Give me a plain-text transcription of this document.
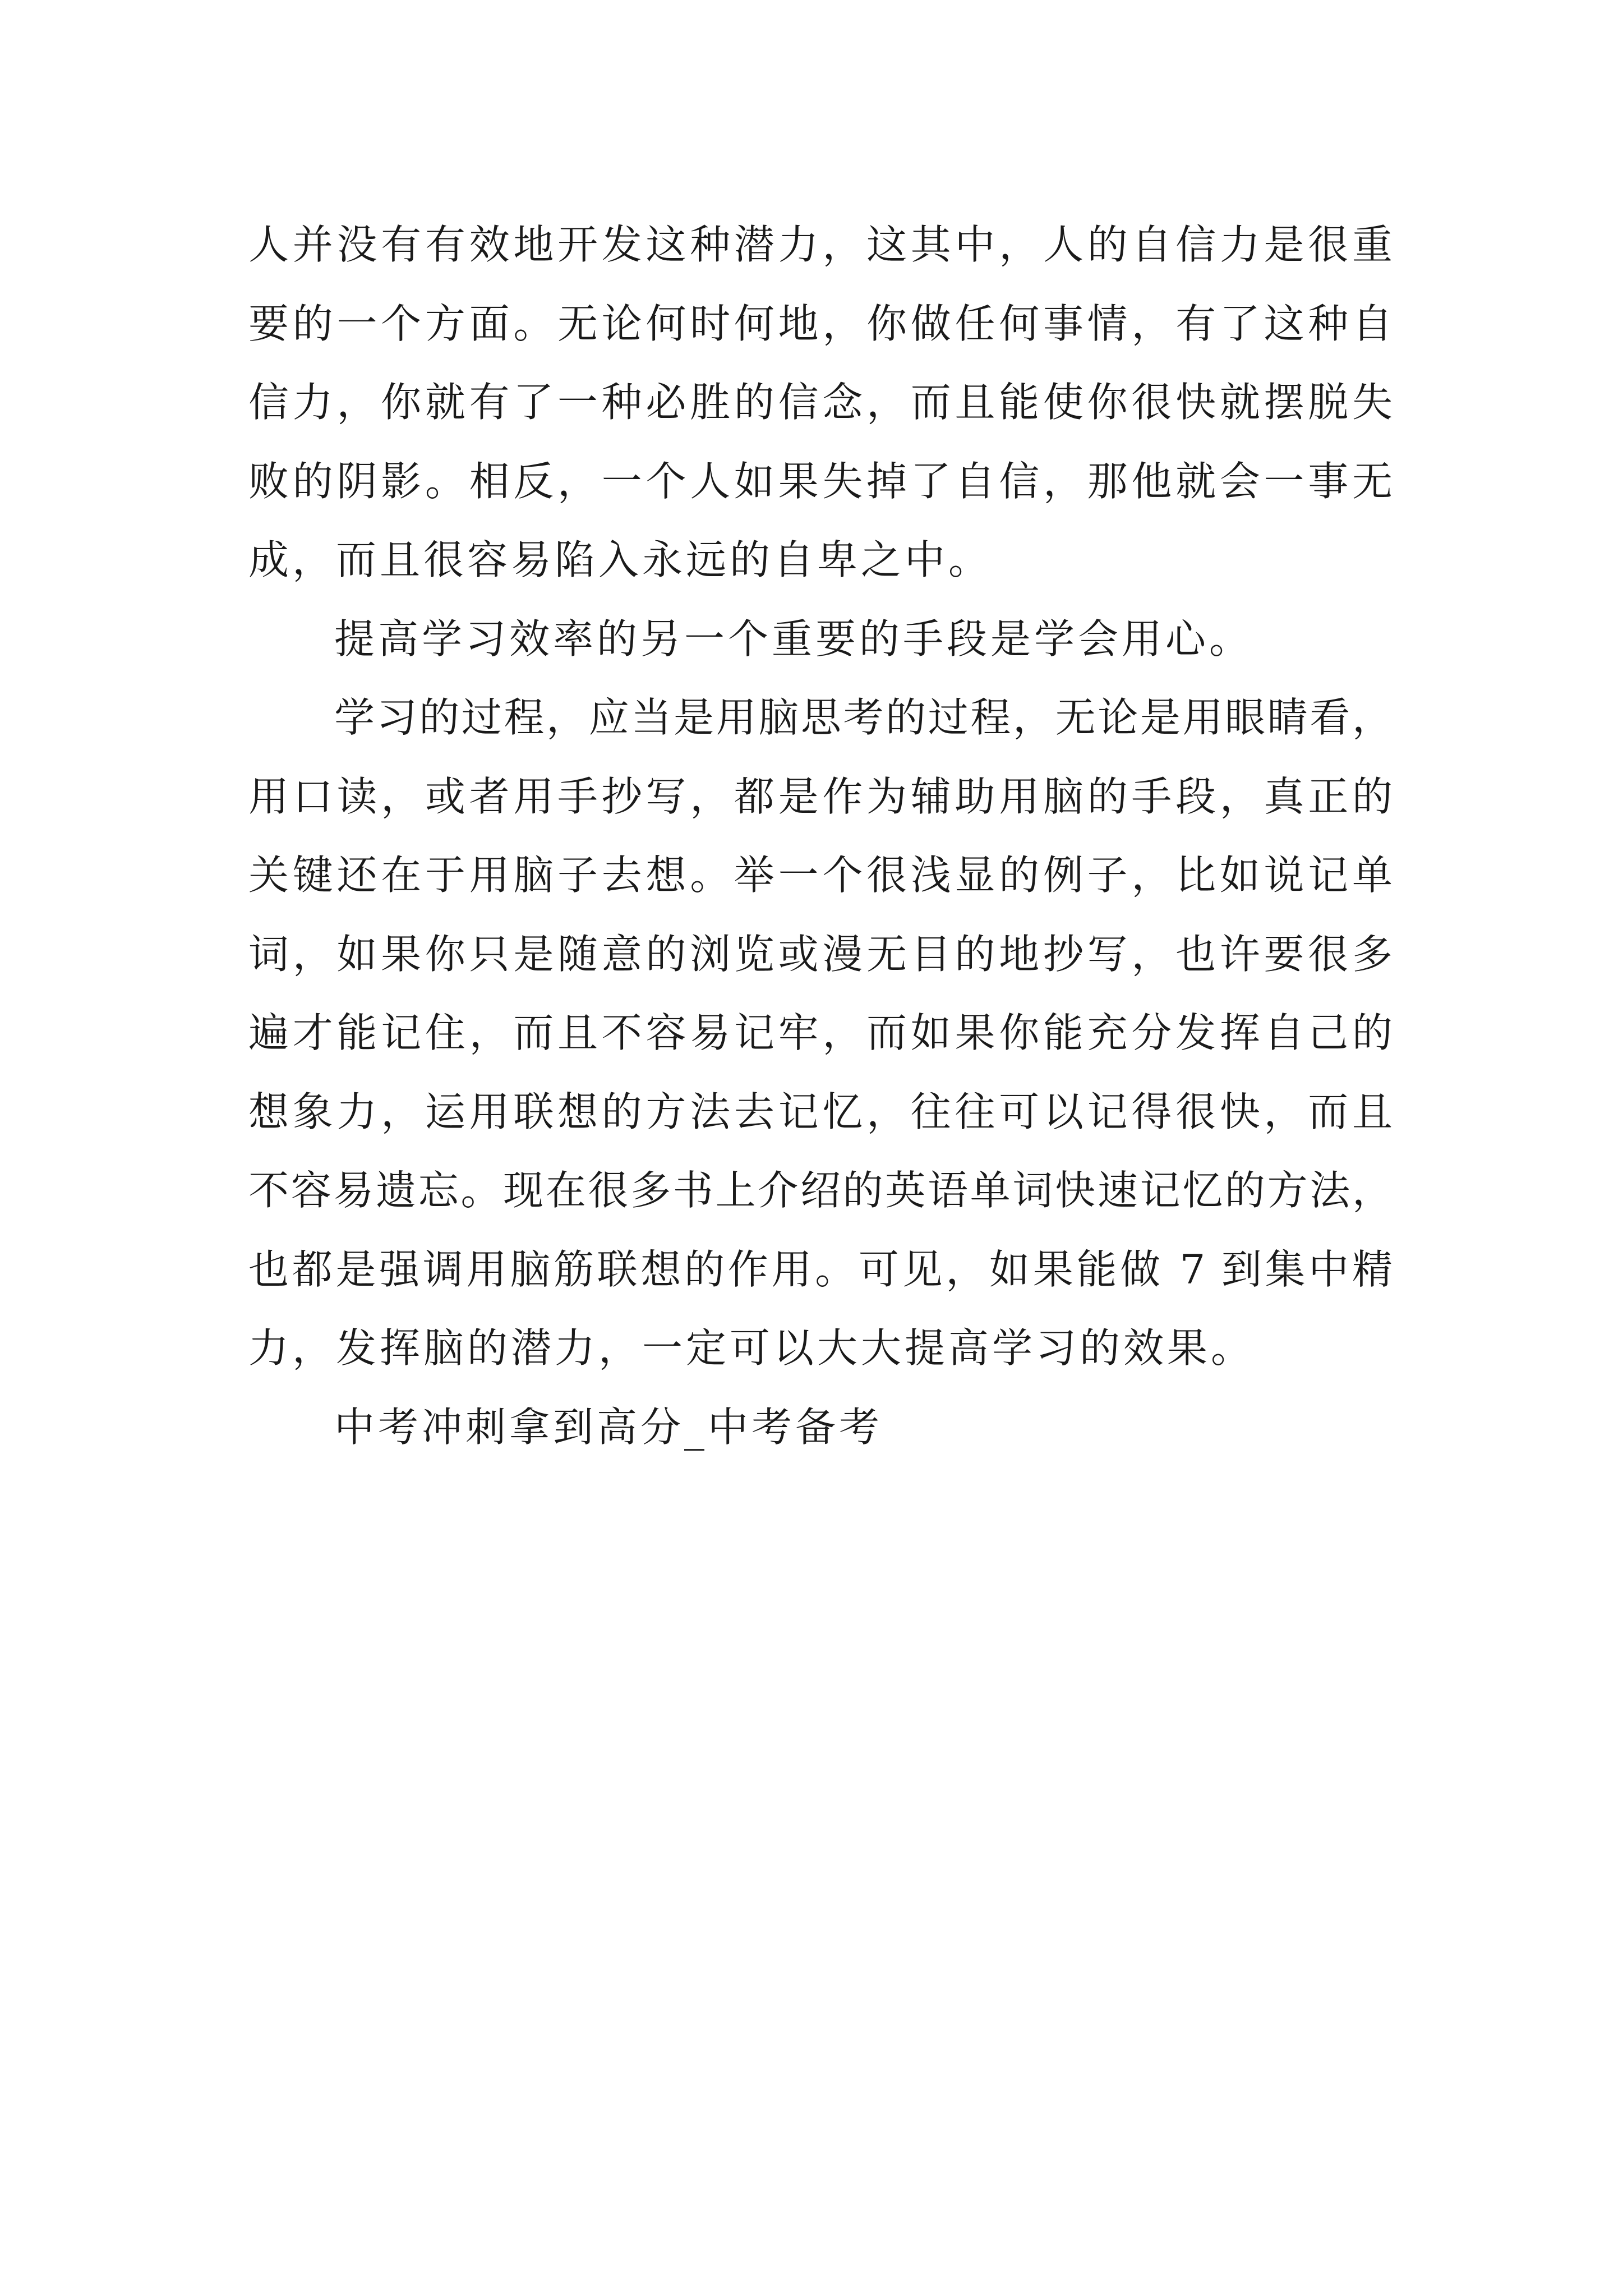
人并没有有效地开发这种潜力，这其中，人的自信力是很重
要的一个方面。无论何时何地，你做任何事情，有了这种自
信力，你就有了一种必胜的信念，而且能使你很快就摆脱失
败的阴影。相反，一个人如果失掉了自信，那他就会一事无
成，而且很容易陷入永远的自卑之中。
提高学习效率的另一个重要的手段是学会用心。
学习的过程，应当是用脑思考的过程，无论是用眼睛看，
用口读，或者用手抄写，都是作为辅助用脑的手段，真正的
关键还在于用脑子去想。举一个很浅显的例子，比如说记单
词，如果你只是随意的浏览或漫无目的地抄写，也许要很多
遍才能记住，而且不容易记牢，而如果你能充分发挥自己的
想象力，运用联想的方法去记忆，往往可以记得很快，而且
不容易遗忘。现在很多书上介绍的英语单词快速记忆的方法，
也都是强调用脑筋联想的作用。可见，如果能做 7 到集中精
力，发挥脑的潜力，一定可以大大提高学习的效果。
中考冲刺拿到高分_中考备考
